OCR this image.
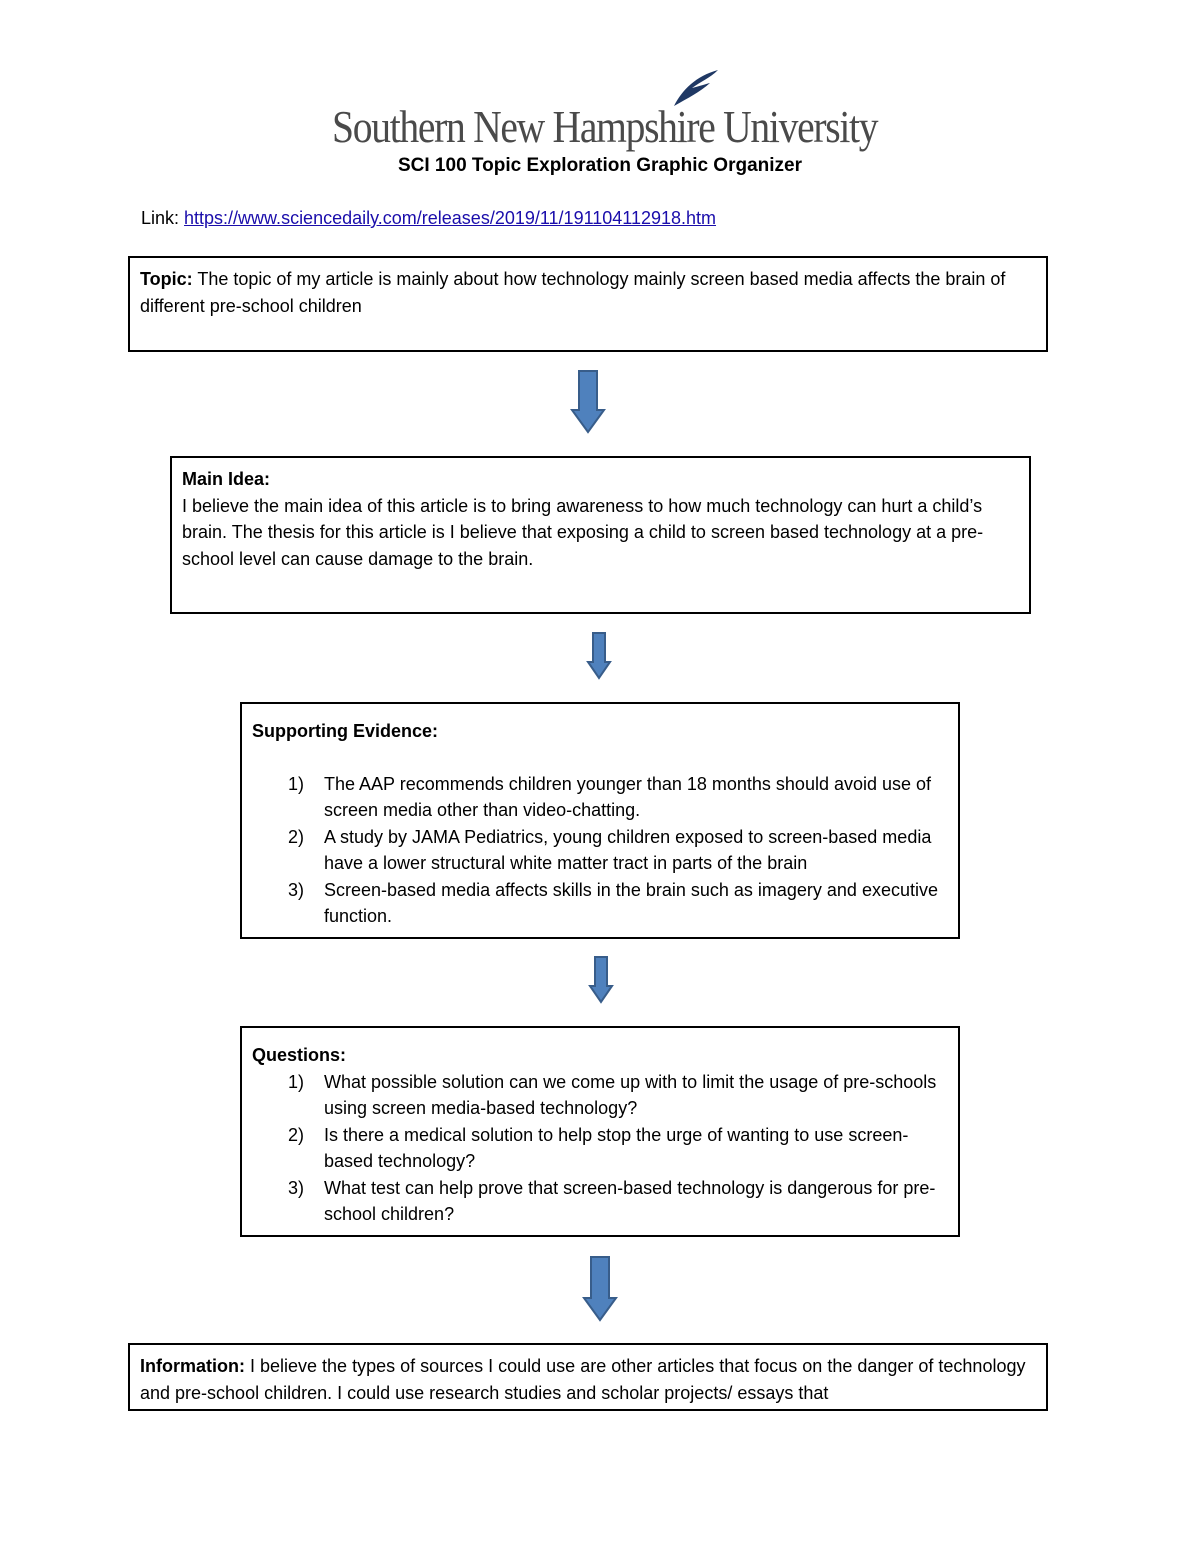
Southern New Hampshire University
SCI 100 Topic Exploration Graphic Organizer
Link: https://www.sciencedaily.com/releases/2019/11/191104112918.htm
Topic: The topic of my article is mainly about how technology mainly screen based media affects the brain of different pre-school children
Main Idea:
I believe the main idea of this article is to bring awareness to how much technology can hurt a child’s brain. The thesis for this article is I believe that exposing a child to screen based technology at a pre-school level can cause damage to the brain.
Supporting Evidence:
1) The AAP recommends children younger than 18 months should avoid use of screen media other than video-chatting.
2) A study by JAMA Pediatrics, young children exposed to screen-based media have a lower structural white matter tract in parts of the brain
3) Screen-based media affects skills in the brain such as imagery and executive function.
Questions:
1) What possible solution can we come up with to limit the usage of pre-schools using screen media-based technology?
2) Is there a medical solution to help stop the urge of wanting to use screen-based technology?
3) What test can help prove that screen-based technology is dangerous for pre-school children?
Information: I believe the types of sources I could use are other articles that focus on the danger of technology and pre-school children. I could use research studies and scholar projects/ essays that
